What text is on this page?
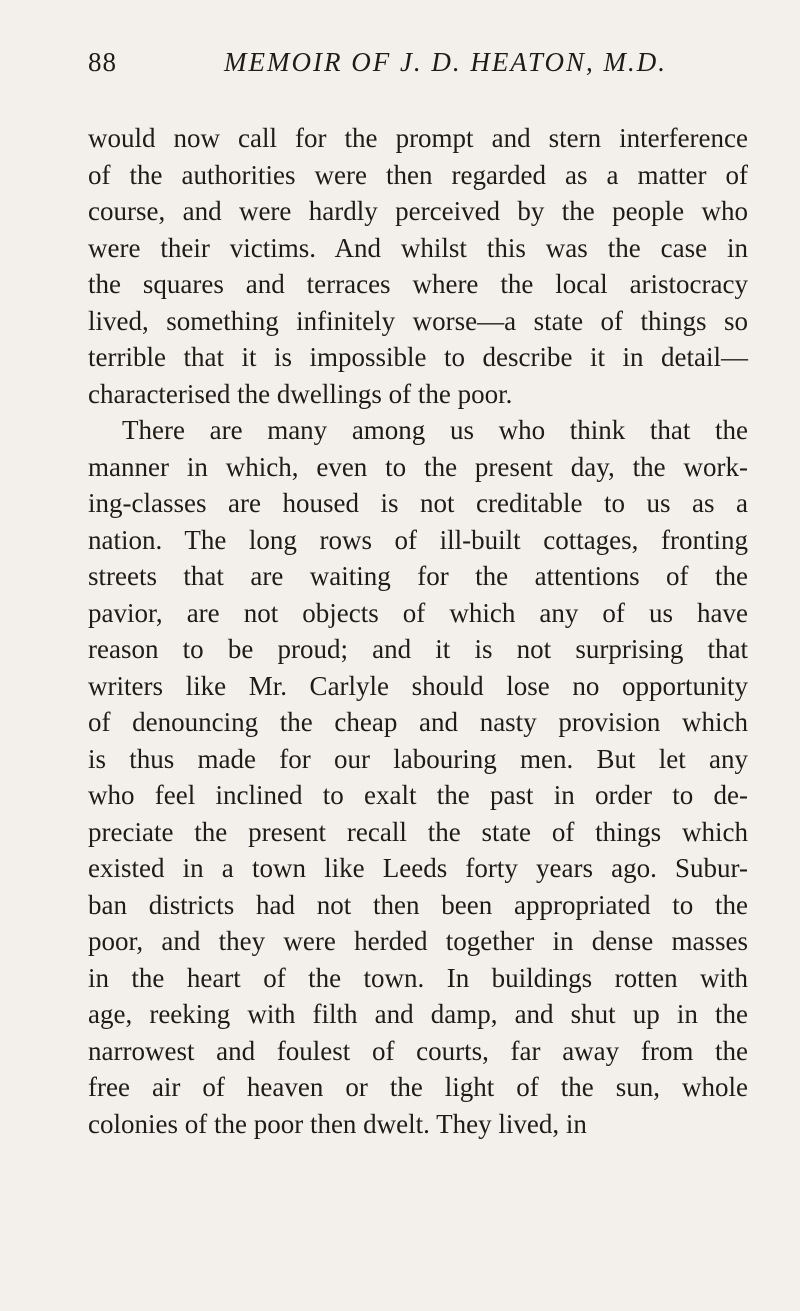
88	MEMOIR OF J. D. HEATON, M.D.
would now call for the prompt and stern interference
of the authorities were then regarded as a matter of
course, and were hardly perceived by the people who
were their victims. And whilst this was the case in
the squares and terraces where the local aristocracy
lived, something infinitely worse—a state of things so
terrible that it is impossible to describe it in detail—
characterised the dwellings of the poor.
There are many among us who think that the
manner in which, even to the present day, the work-
ing-classes are housed is not creditable to us as a
nation. The long rows of ill-built cottages, fronting
streets that are waiting for the attentions of the
pavior, are not objects of which any of us have
reason to be proud; and it is not surprising that
writers like Mr. Carlyle should lose no opportunity
of denouncing the cheap and nasty provision which
is thus made for our labouring men. But let any
who feel inclined to exalt the past in order to de-
preciate the present recall the state of things which
existed in a town like Leeds forty years ago. Subur-
ban districts had not then been appropriated to the
poor, and they were herded together in dense masses
in the heart of the town. In buildings rotten with
age, reeking with filth and damp, and shut up in the
narrowest and foulest of courts, far away from the
free air of heaven or the light of the sun, whole
colonies of the poor then dwelt. They lived, in
